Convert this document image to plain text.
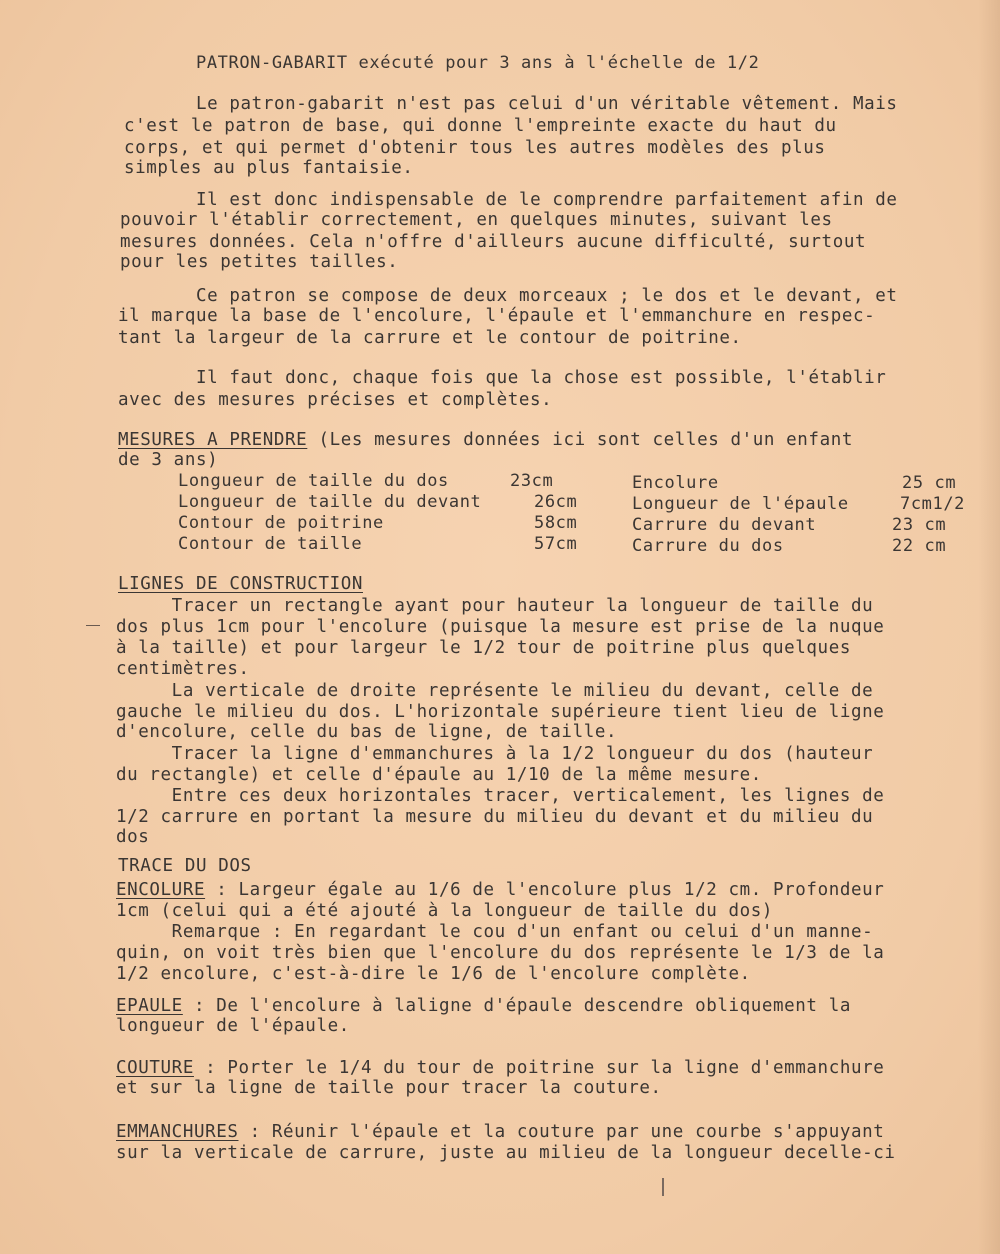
PATRON-GABARIT exécuté pour 3 ans à l'échelle de 1/2
Le patron-gabarit n'est pas celui d'un véritable vêtement. Mais
c'est le patron de base, qui donne l'empreinte exacte du haut du
corps, et qui permet d'obtenir tous les autres modèles des plus
simples au plus fantaisie.
Il est donc indispensable de le comprendre parfaitement afin de
pouvoir l'établir correctement, en quelques minutes, suivant les
mesures données. Cela n'offre d'ailleurs aucune difficulté, surtout
pour les petites tailles.
Ce patron se compose de deux morceaux ; le dos et le devant, et
il marque la base de l'encolure, l'épaule et l'emmanchure en respec-
tant la largeur de la carrure et le contour de poitrine.
Il faut donc, chaque fois que la chose est possible, l'établir
avec des mesures précises et complètes.
MESURES A PRENDRE (Les mesures données ici sont celles d'un enfant
de 3 ans)
Longueur de taille du dos	23cm
Longueur de taille du devant	26cm
Contour de poitrine	58cm
Contour de taille	57cm
Encolure	25 cm
Longueur de l'épaule	7cm1/2
Carrure du devant	23 cm
Carrure du dos	22 cm
LIGNES DE CONSTRUCTION
Tracer un rectangle ayant pour hauteur la longueur de taille du
dos plus 1cm pour l'encolure (puisque la mesure est prise de la nuque
à la taille) et pour largeur le 1/2 tour de poitrine plus quelques
centimètres.
La verticale de droite représente le milieu du devant, celle de
gauche le milieu du dos. L'horizontale supérieure tient lieu de ligne
d'encolure, celle du bas de ligne, de taille.
Tracer la ligne d'emmanchures à la 1/2 longueur du dos (hauteur
du rectangle) et celle d'épaule au 1/10 de la même mesure.
Entre ces deux horizontales tracer, verticalement, les lignes de
1/2 carrure en portant la mesure du milieu du devant et du milieu du
dos
TRACE DU DOS
ENCOLURE : Largeur égale au 1/6 de l'encolure plus 1/2 cm. Profondeur
1cm (celui qui a été ajouté à la longueur de taille du dos)
Remarque : En regardant le cou d'un enfant ou celui d'un manne-
quin, on voit très bien que l'encolure du dos représente le 1/3 de la
1/2 encolure, c'est-à-dire le 1/6 de l'encolure complète.
EPAULE : De l'encolure à laligne d'épaule descendre obliquement la
longueur de l'épaule.
COUTURE : Porter le 1/4 du tour de poitrine sur la ligne d'emmanchure
et sur la ligne de taille pour tracer la couture.
EMMANCHURES : Réunir l'épaule et la couture par une courbe s'appuyant
sur la verticale de carrure, juste au milieu de la longueur decelle-ci
